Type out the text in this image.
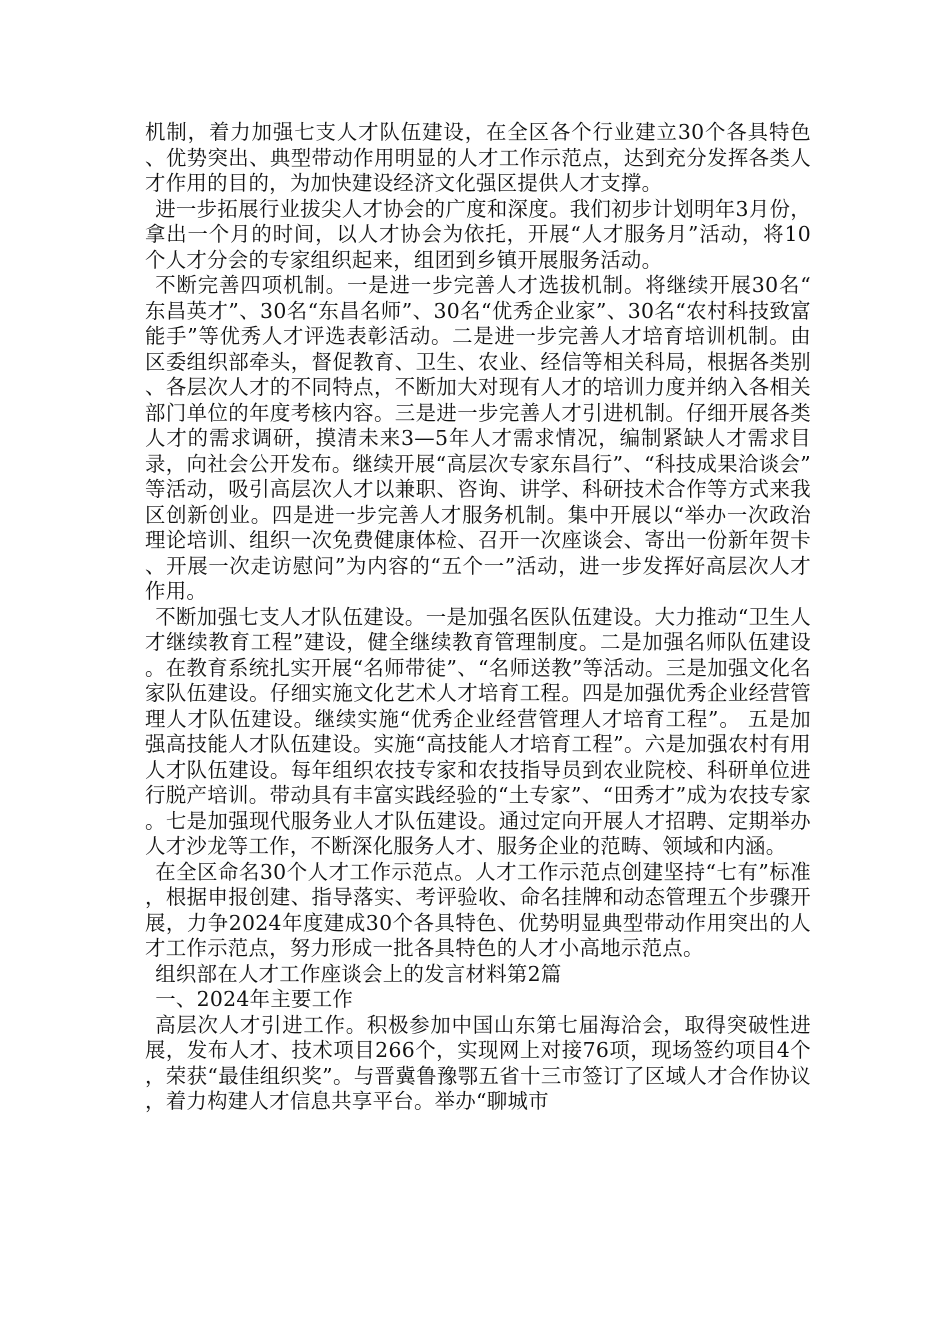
机制，着力加强七支人才队伍建设，在全区各个行业建立30个各具特色、优势突出、典型带动作用明显的人才工作示范点，达到充分发挥各类人才作用的目的，为加快建设经济文化强区提供人才支撑。

进一步拓展行业拔尖人才协会的广度和深度。我们初步计划明年3月份，拿出一个月的时间，以人才协会为依托，开展“人才服务月”活动，将10个人才分会的专家组织起来，组团到乡镇开展服务活动。

不断完善四项机制。一是进一步完善人才选拔机制。将继续开展30名“东昌英才”、30名“东昌名师”、30名“优秀企业家”、30名“农村科技致富能手”等优秀人才评选表彰活动。二是进一步完善人才培育培训机制。由区委组织部牵头，督促教育、卫生、农业、经信等相关科局，根据各类别、各层次人才的不同特点，不断加大对现有人才的培训力度并纳入各相关部门单位的年度考核内容。三是进一步完善人才引进机制。仔细开展各类人才的需求调研，摸清未来3—5年人才需求情况，编制紧缺人才需求目录，向社会公开发布。继续开展“高层次专家东昌行”、“科技成果洽谈会”等活动，吸引高层次人才以兼职、咨询、讲学、科研技术合作等方式来我区创新创业。四是进一步完善人才服务机制。集中开展以“举办一次政治理论培训、组织一次免费健康体检、召开一次座谈会、寄出一份新年贺卡、开展一次走访慰问”为内容的“五个一”活动，进一步发挥好高层次人才作用。

不断加强七支人才队伍建设。一是加强名医队伍建设。大力推动“卫生人才继续教育工程”建设，健全继续教育管理制度。二是加强名师队伍建设。在教育系统扎实开展“名师带徒”、“名师送教”等活动。三是加强文化名家队伍建设。仔细实施文化艺术人才培育工程。四是加强优秀企业经营管理人才队伍建设。继续实施“优秀企业经营管理人才培育工程”。 五是加强高技能人才队伍建设。实施“高技能人才培育工程”。六是加强农村有用人才队伍建设。每年组织农技专家和农技指导员到农业院校、科研单位进行脱产培训。带动具有丰富实践经验的“土专家”、“田秀才”成为农技专家。七是加强现代服务业人才队伍建设。通过定向开展人才招聘、定期举办人才沙龙等工作，不断深化服务人才、服务企业的范畴、领域和内涵。

在全区命名30个人才工作示范点。人才工作示范点创建坚持“七有”标准，根据申报创建、指导落实、考评验收、命名挂牌和动态管理五个步骤开展，力争2024年度建成30个各具特色、优势明显典型带动作用突出的人才工作示范点，努力形成一批各具特色的人才小高地示范点。

组织部在人才工作座谈会上的发言材料第2篇

一、2024年主要工作

高层次人才引进工作。积极参加中国山东第七届海洽会，取得突破性进展，发布人才、技术项目266个，实现网上对接76项，现场签约项目4个，荣获“最佳组织奖”。与晋冀鲁豫鄂五省十三市签订了区域人才合作协议，着力构建人才信息共享平台。举办“聊城市
